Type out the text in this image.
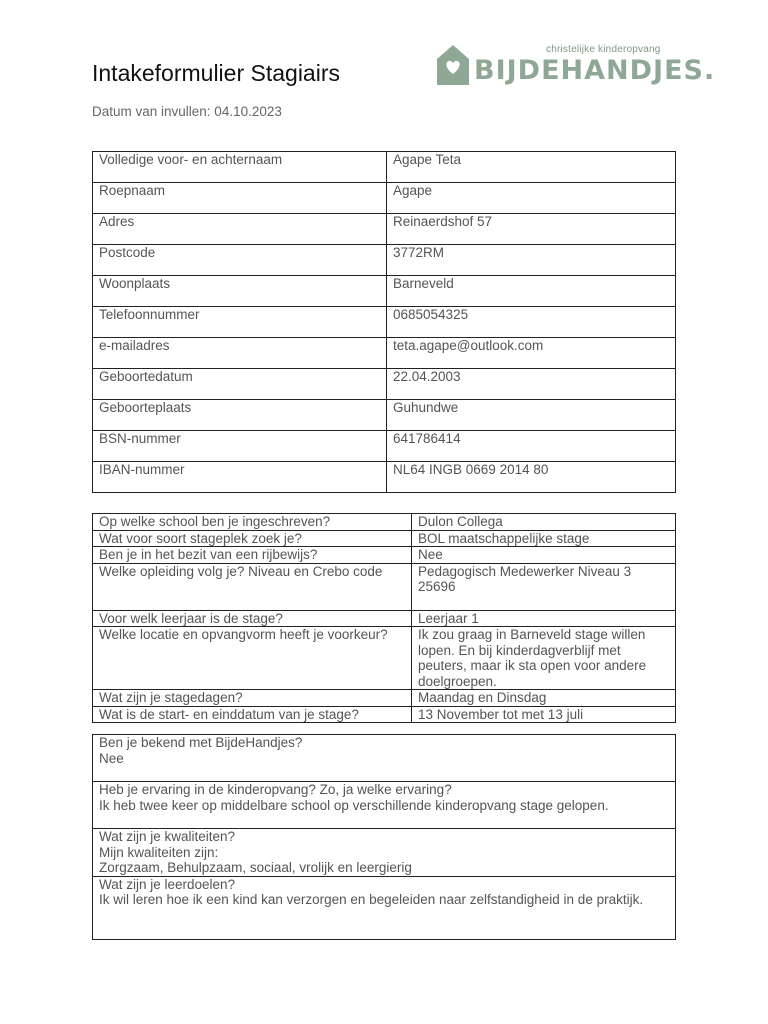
Intakeformulier Stagiairs
Datum van invullen: 04.10.2023
christelijke kinderopvang
BIJDEHANDJES.
Volledige voor- en achternaam	Agape Teta
Roepnaam	Agape
Adres	Reinaerdshof 57
Postcode	3772RM
Woonplaats	Barneveld
Telefoonnummer	0685054325
e-mailadres	teta.agape@outlook.com
Geboortedatum	22.04.2003
Geboorteplaats	Guhundwe
BSN-nummer	641786414
IBAN-nummer	NL64 INGB 0669 2014 80
Op welke school ben je ingeschreven?	Dulon Collega
Wat voor soort stageplek zoek je?	BOL maatschappelijke stage
Ben je in het bezit van een rijbewijs?	Nee
Welke opleiding volg je? Niveau en Crebo code	Pedagogisch Medewerker Niveau 3 25696
Voor welk leerjaar is de stage?	Leerjaar 1
Welke locatie en opvangvorm heeft je voorkeur?	Ik zou graag in Barneveld stage willen lopen. En bij kinderdagverblijf met peuters, maar ik sta open voor andere doelgroepen.
Wat zijn je stagedagen?	Maandag en Dinsdag
Wat is de start- en einddatum van je stage?	13 November tot met 13 juli
Ben je bekend met BijdeHandjes?
Nee

Heb je ervaring in de kinderopvang? Zo, ja welke ervaring?
Ik heb twee keer op middelbare school op verschillende kinderopvang stage gelopen.

Wat zijn je kwaliteiten?
Mijn kwaliteiten zijn:
Zorgzaam, Behulpzaam, sociaal, vrolijk en leergierig

Wat zijn je leerdoelen?
Ik wil leren hoe ik een kind kan verzorgen en begeleiden naar zelfstandigheid in de praktijk.
